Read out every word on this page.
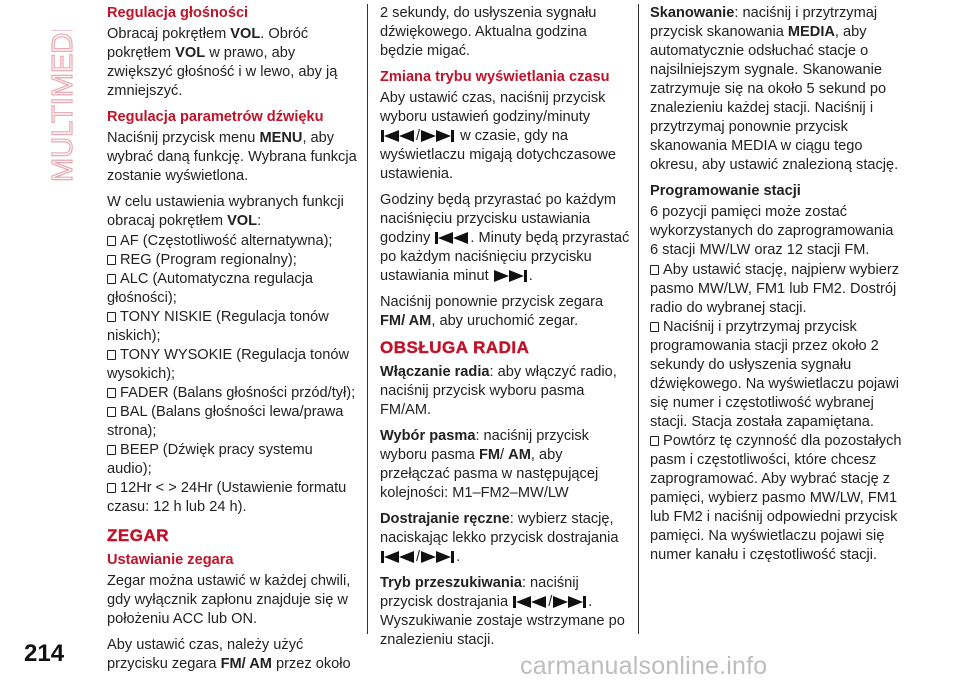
MULTIMEDIA Regulacja głośności

Obracaj pokrętłem VOL. Obróć pokrętłem VOL w prawo, aby zwiększyć głośność i w lewo, aby ją zmniejszyć.

Regulacja parametrów dźwięku

Naciśnij przycisk menu MENU, aby wybrać daną funkcję. Wybrana funkcja zostanie wyświetlona.

W celu ustawienia wybranych funkcji obracaj pokrętłem VOL:

AF (Częstotliwość alternatywna);
REG (Program regionalny);
ALC (Automatyczna regulacja głośności);
TONY NISKIE (Regulacja tonów niskich);
TONY WYSOKIE (Regulacja tonów wysokich);
FADER (Balans głośności przód/tył);
BAL (Balans głośności lewa/prawa strona);
BEEP (Dźwięk pracy systemu audio);
12Hr < > 24Hr (Ustawienie formatu czasu: 12 h lub 24 h).
ZEGAR
Ustawianie zegara

Zegar można ustawić w każdej chwili, gdy wyłącznik zapłonu znajduje się w położeniu ACC lub ON.

Aby ustawić czas, należy użyć przycisku zegara FM/ AM przez około

2 sekundy, do usłyszenia sygnału dźwiękowego. Aktualna godzina będzie migać.

Zmiana trybu wyświetlania czasu

Aby ustawić czas, naciśnij przycisk wyboru ustawień godziny/minuty / w czasie, gdy na wyświetlaczu migają dotychczasowe ustawienia.

Godziny będą przyrastać po każdym naciśnięciu przycisku ustawiania godziny . Minuty będą przyrastać po każdym naciśnięciu przycisku ustawiania minut .

Naciśnij ponownie przycisk zegara FM/ AM, aby uruchomić zegar.

OBSŁUGA RADIA

Włączanie radia: aby włączyć radio, naciśnij przycisk wyboru pasma FM/AM.

Wybór pasma: naciśnij przycisk wyboru pasma FM/ AM, aby przełączać pasma w następującej kolejności: M1–FM2–MW/LW

Dostrajanie ręczne: wybierz stację, naciskając lekko przycisk dostrajania / .

Tryb przeszukiwania: naciśnij przycisk dostrajania / . Wyszukiwanie zostaje wstrzymane po znalezieniu stacji.

Skanowanie: naciśnij i przytrzymaj przycisk skanowania MEDIA, aby automatycznie odsłuchać stacje o najsilniejszym sygnale. Skanowanie zatrzymuje się na około 5 sekund po znalezieniu każdej stacji. Naciśnij i przytrzymaj ponownie przycisk skanowania MEDIA w ciągu tego okresu, aby ustawić znalezioną stację.

Programowanie stacji

6 pozycji pamięci może zostać wykorzystanych do zaprogramowania 6 stacji MW/LW oraz 12 stacji FM.

Aby ustawić stację, najpierw wybierz pasmo MW/LW, FM1 lub FM2. Dostrój radio do wybranej stacji.
Naciśnij i przytrzymaj przycisk programowania stacji przez około 2 sekundy do usłyszenia sygnału dźwiękowego. Na wyświetlaczu pojawi się numer i częstotliwość wybranej stacji. Stacja została zapamiętana.
Powtórz tę czynność dla pozostałych pasm i częstotliwości, które chcesz zaprogramować. Aby wybrać stację z pamięci, wybierz pasmo MW/LW, FM1 lub FM2 i naciśnij odpowiedni przycisk pamięci. Na wyświetlaczu pojawi się numer kanału i częstotliwość stacji.
214	carmanualsonline.info
